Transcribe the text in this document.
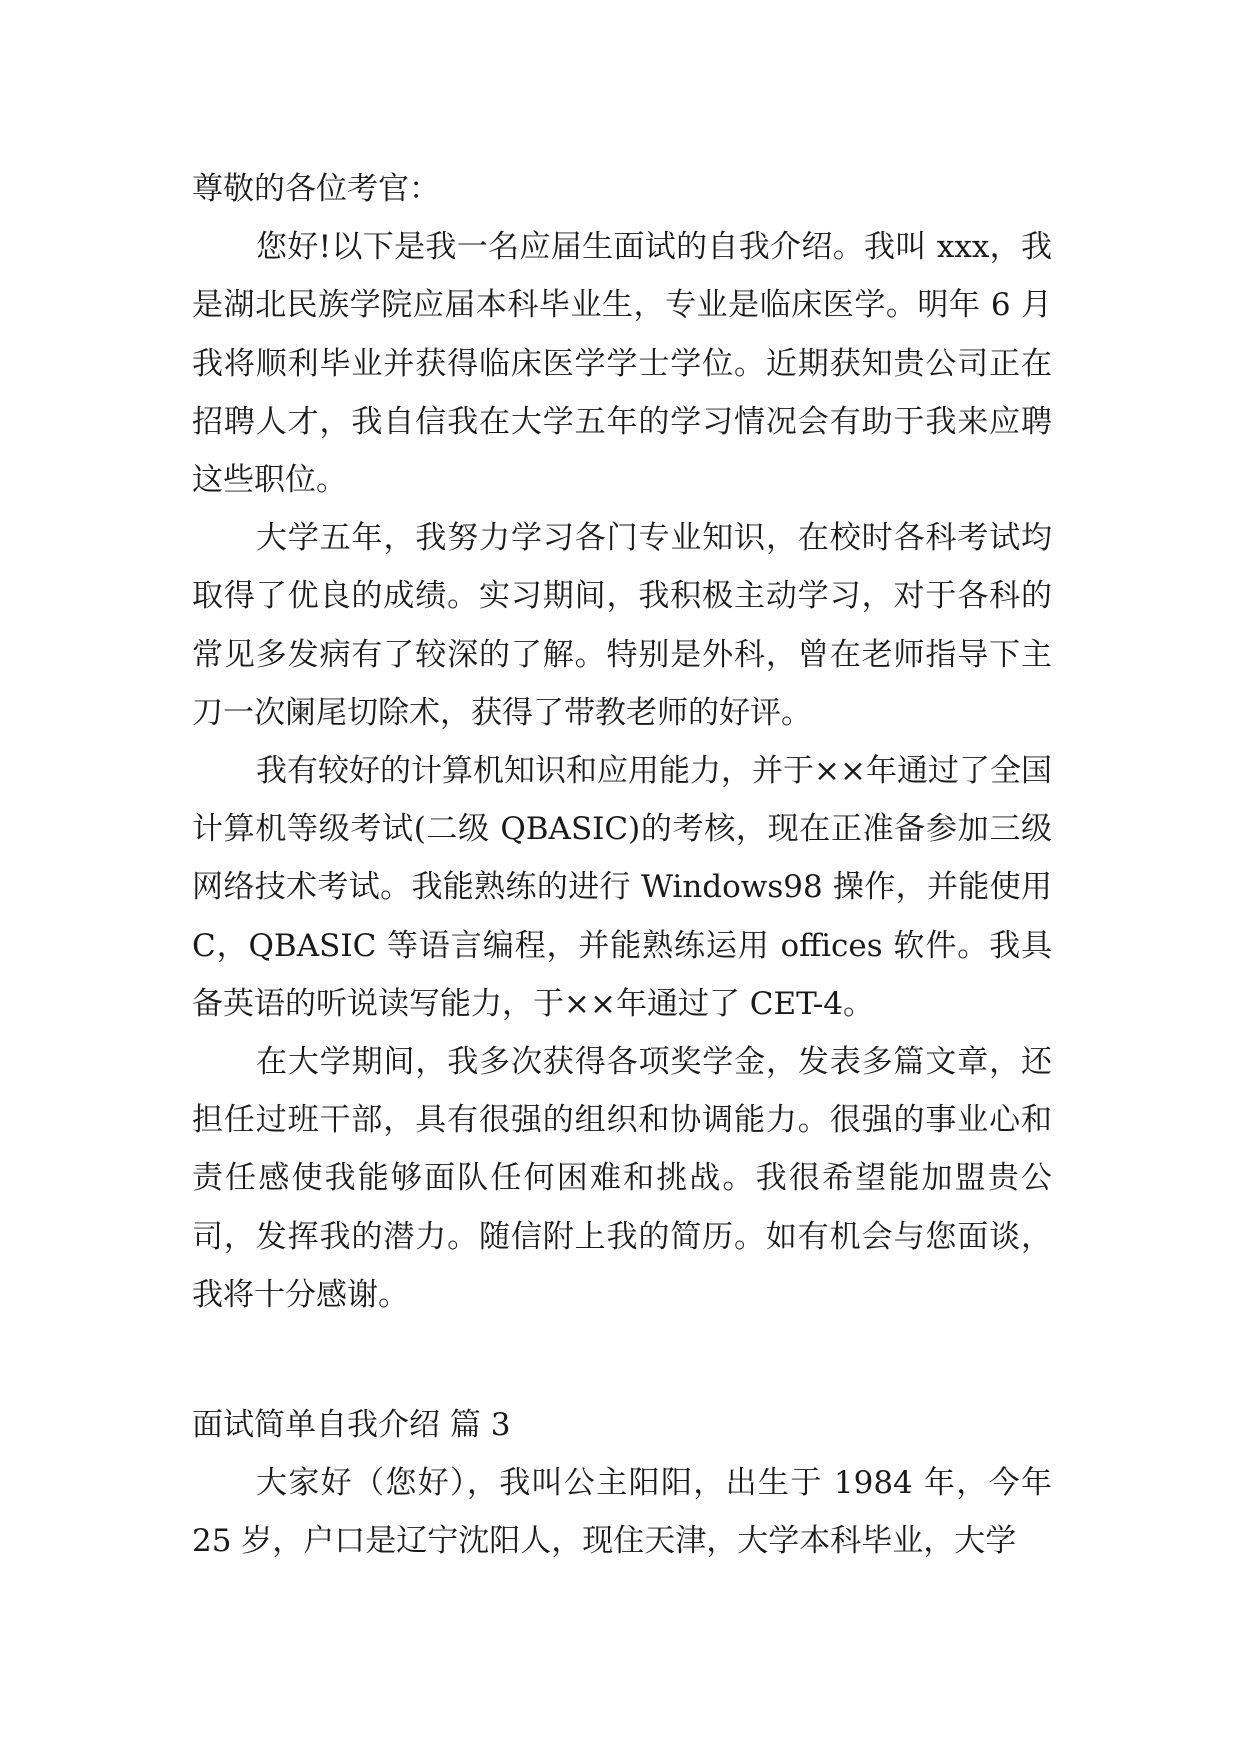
尊敬的各位考官：

您好!以下是我一名应届生面试的自我介绍。我叫 xxx，我是湖北民族学院应届本科毕业生，专业是临床医学。明年 6 月我将顺利毕业并获得临床医学学士学位。近期获知贵公司正在招聘人才，我自信我在大学五年的学习情况会有助于我来应聘这些职位。

大学五年，我努力学习各门专业知识，在校时各科考试均取得了优良的成绩。实习期间，我积极主动学习，对于各科的常见多发病有了较深的了解。特别是外科，曾在老师指导下主刀一次阑尾切除术，获得了带教老师的好评。

我有较好的计算机知识和应用能力，并于××年通过了全国计算机等级考试(二级 QBASIC)的考核，现在正准备参加三级网络技术考试。我能熟练的进行 Windows98 操作，并能使用 C，QBASIC 等语言编程，并能熟练运用 offices 软件。我具备英语的听说读写能力，于××年通过了 CET-4。

在大学期间，我多次获得各项奖学金，发表多篇文章，还担任过班干部，具有很强的组织和协调能力。很强的事业心和责任感使我能够面队任何困难和挑战。我很希望能加盟贵公司，发挥我的潜力。随信附上我的简历。如有机会与您面谈，我将十分感谢。

面试简单自我介绍 篇 3

大家好（您好），我叫公主阳阳，出生于 1984 年，今年 25 岁，户口是辽宁沈阳人，现住天津，大学本科毕业，大学
